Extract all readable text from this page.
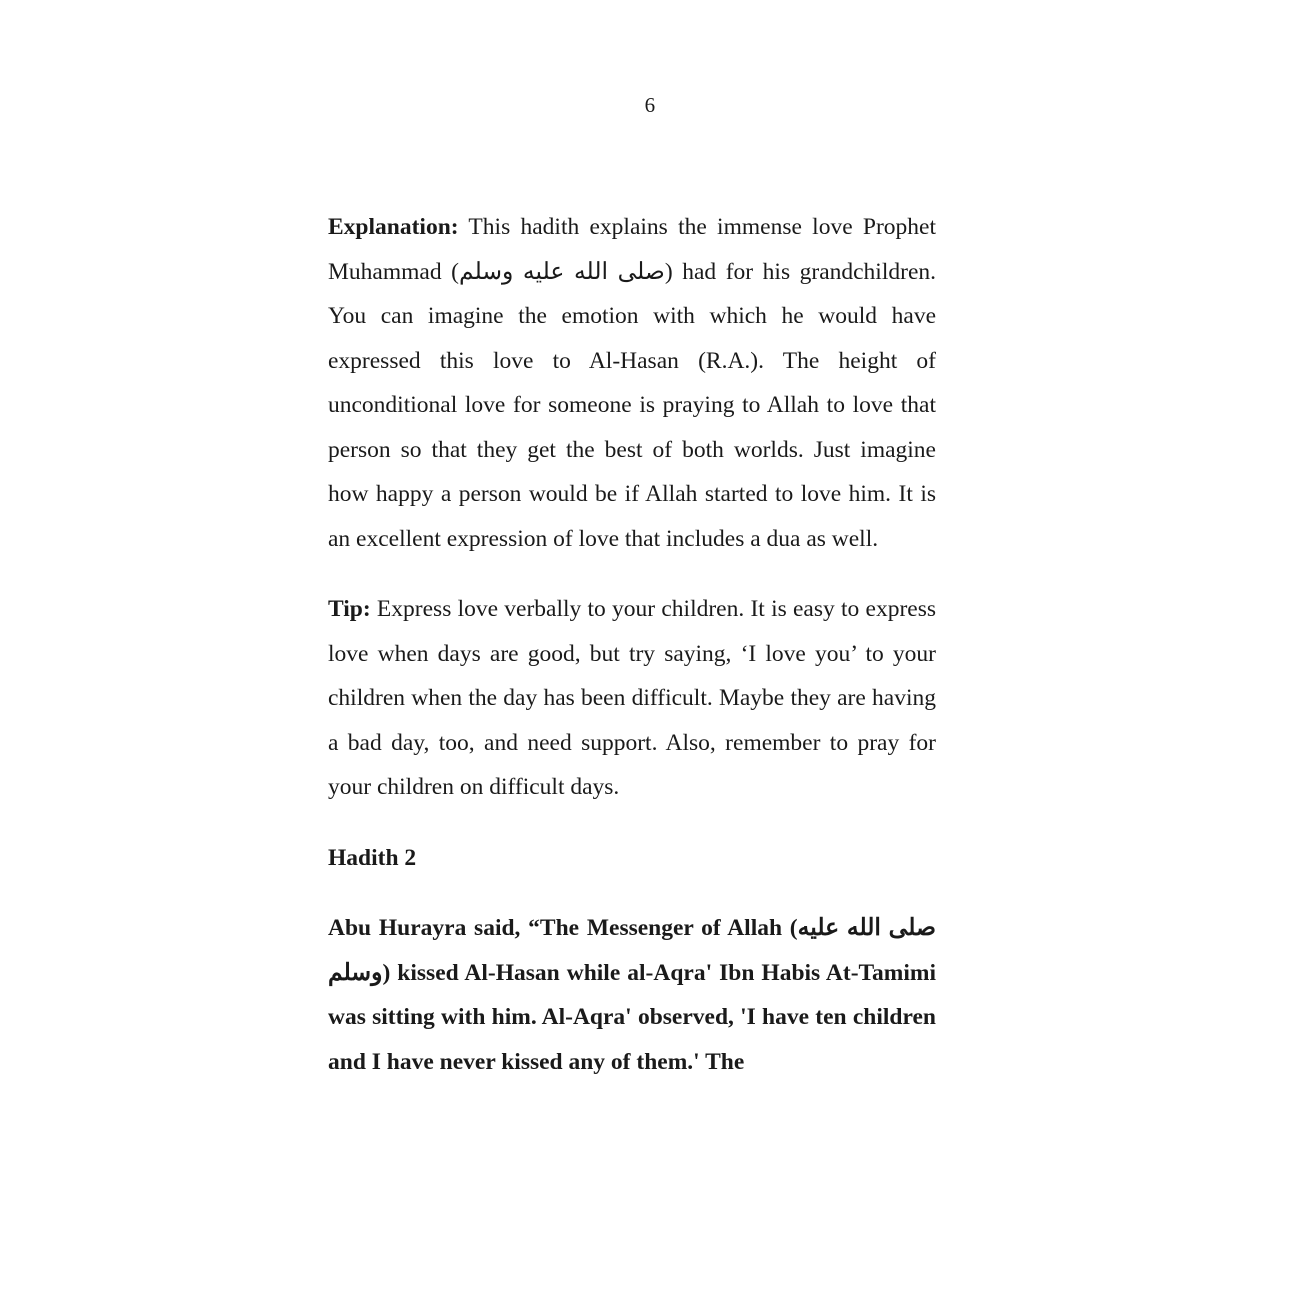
6

Explanation: This hadith explains the immense love Prophet Muhammad (صلى الله عليه وسلم) had for his grandchildren. You can imagine the emotion with which he would have expressed this love to Al-Hasan (R.A.). The height of unconditional love for someone is praying to Allah to love that person so that they get the best of both worlds. Just imagine how happy a person would be if Allah started to love him. It is an excellent expression of love that includes a dua as well.

Tip: Express love verbally to your children. It is easy to express love when days are good, but try saying, ‘I love you’ to your children when the day has been difficult. Maybe they are having a bad day, too, and need support. Also, remember to pray for your children on difficult days.

Hadith 2

Abu Hurayra said, “The Messenger of Allah (صلى الله عليه وسلم) kissed Al-Hasan while al-Aqra' Ibn Habis At-Tamimi was sitting with him. Al-Aqra' observed, 'I have ten children and I have never kissed any of them.' The
